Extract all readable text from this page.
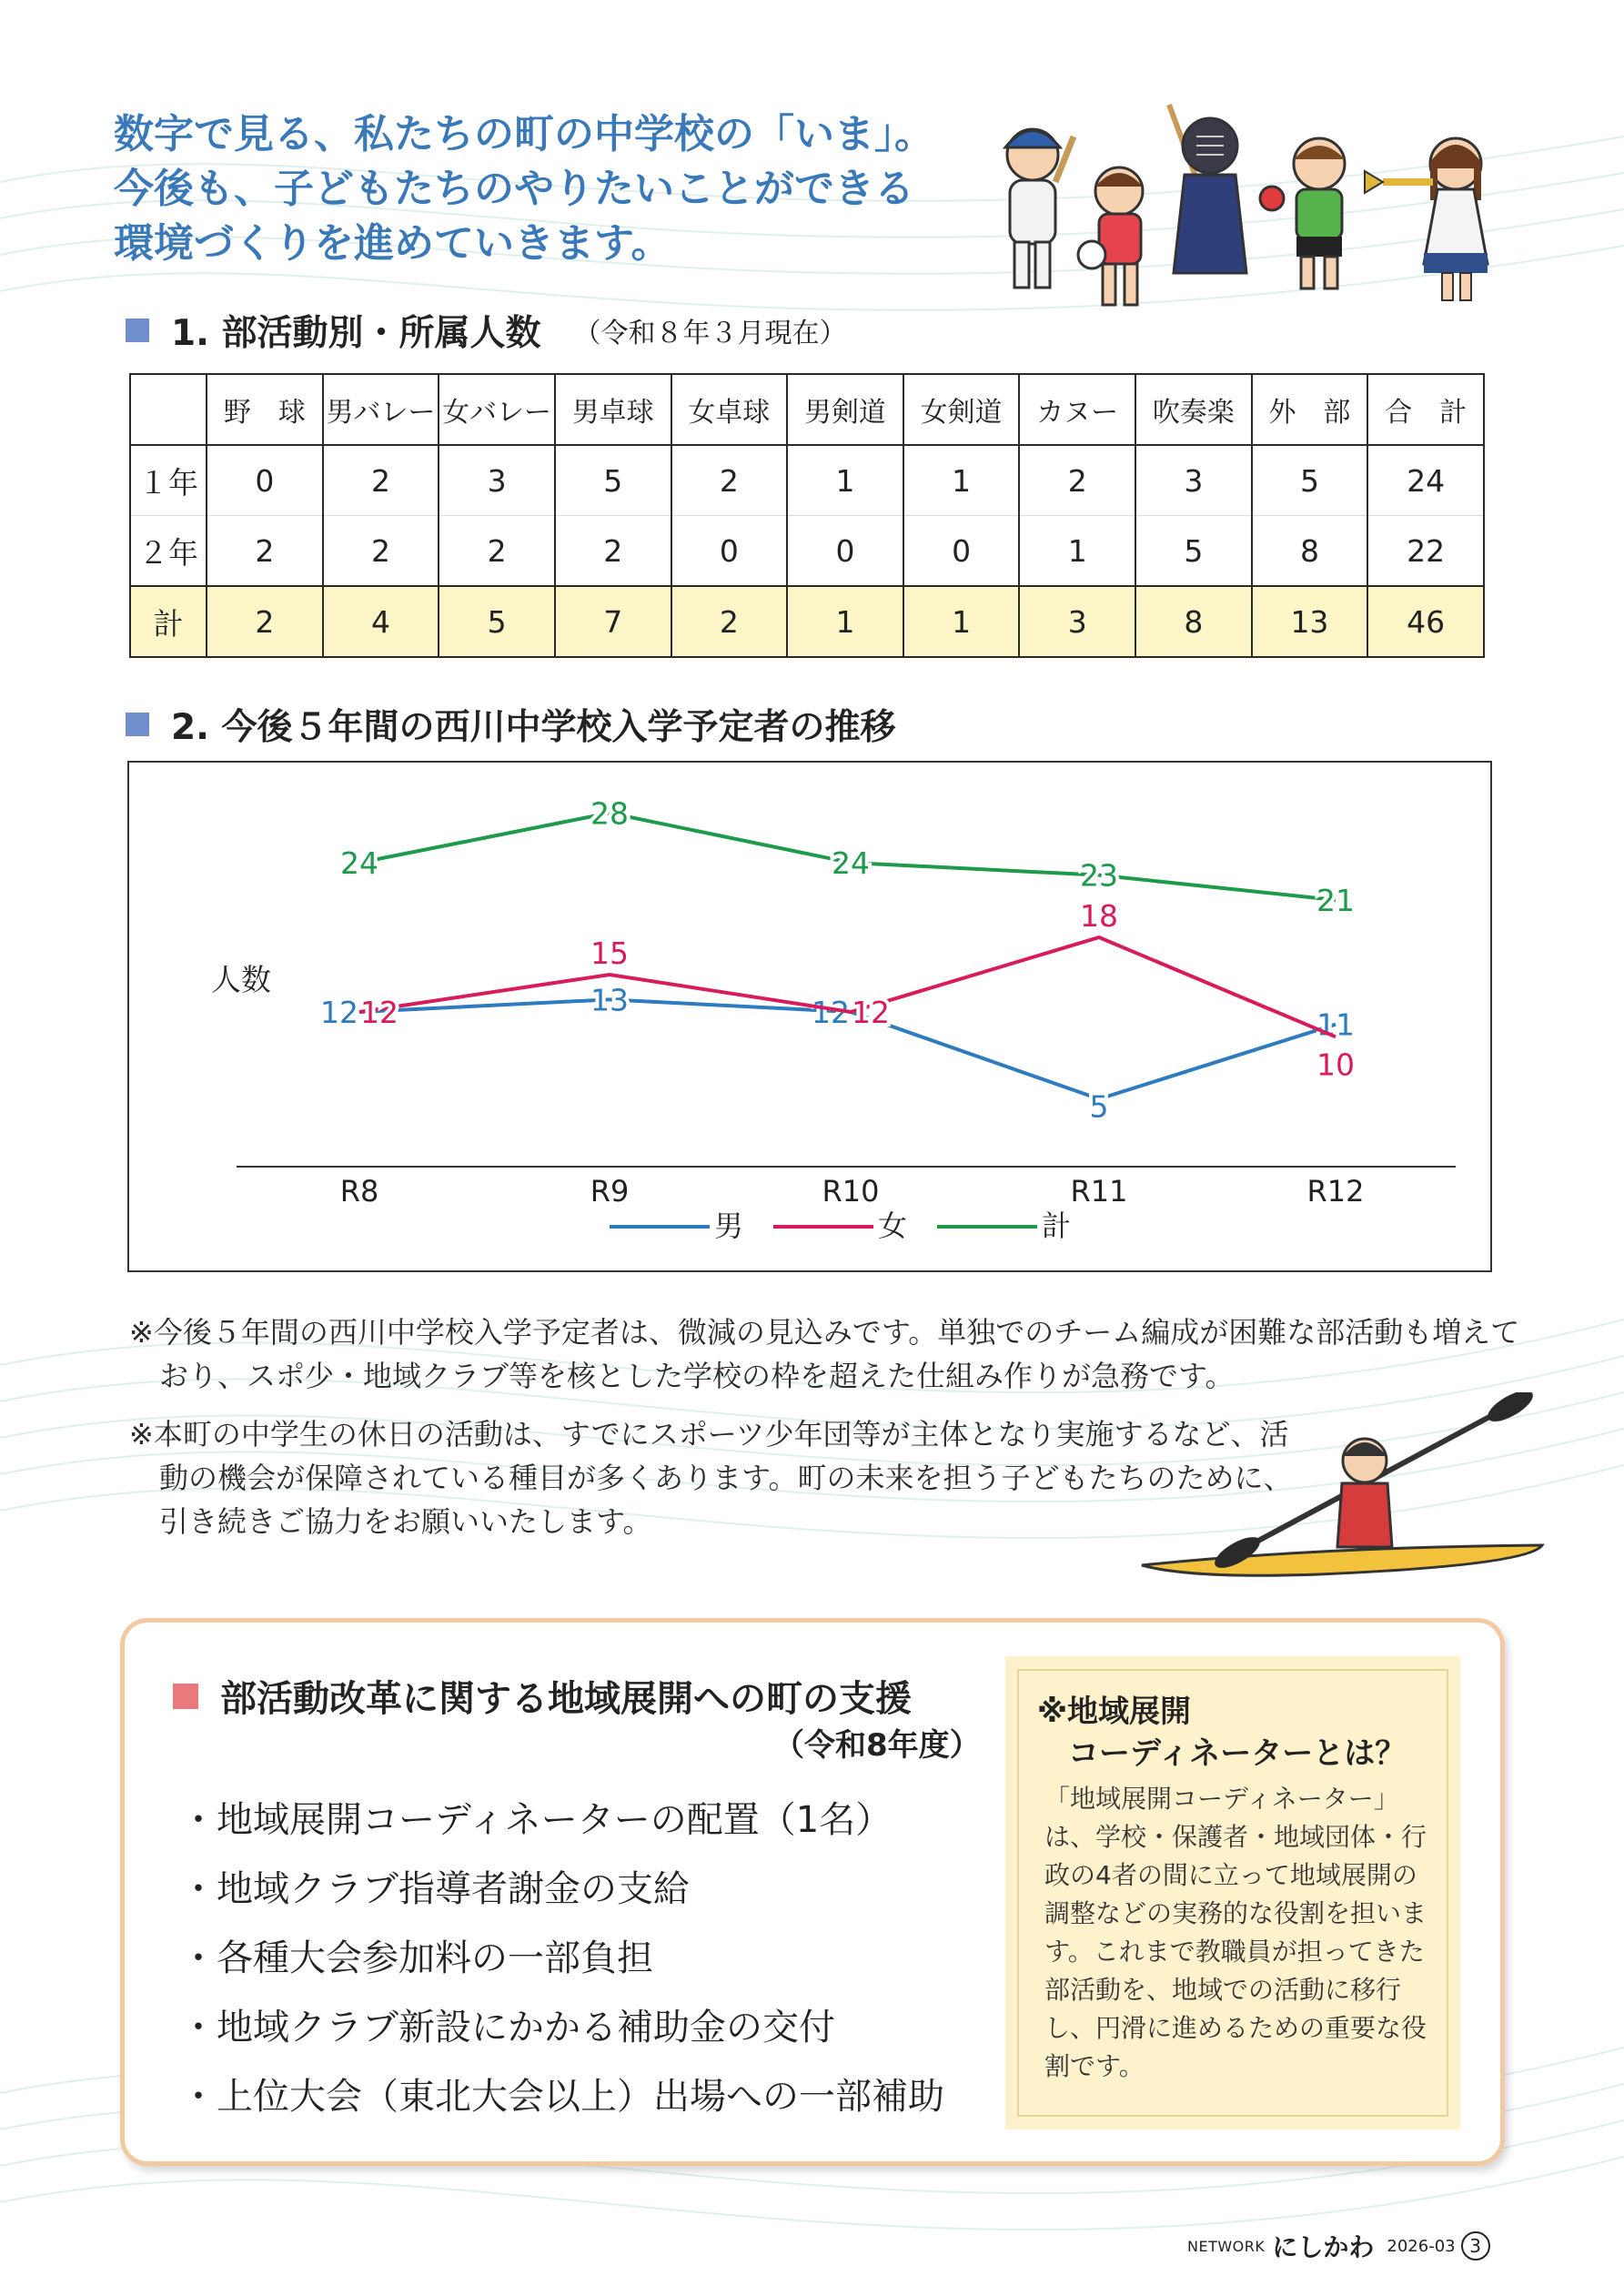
数字で見る、私たちの町の中学校の「いま」。
今後も、子どもたちのやりたいことができる
環境づくりを進めていきます。
1. 部活動別・所属人数 （令和８年３月現在）
	野　球	男バレー	女バレー	男卓球	女卓球	男剣道	女剣道	カヌー	吹奏楽	外　部	合　計
１年	0	2	3	5	2	1	1	2	3	5	24
２年	2	2	2	2	0	0	0	1	5	8	22
計	2	4	5	7	2	1	1	3	8	13	46
2. 今後５年間の西川中学校入学予定者の推移
人数
R8	R9	R10	R11	R12
12	13	12
5
11
12
15
12
18
10
24
28
24	23
21
男	女	計

※今後５年間の西川中学校入学予定者は、微減の見込みです。単独でのチーム編成が困難な部活動も増えており、スポ少・地域クラブ等を核とした学校の枠を超えた仕組み作りが急務です。

※本町の中学生の休日の活動は、すでにスポーツ少年団等が主体となり実施するなど、活動の機会が保障されている種目が多くあります。町の未来を担う子どもたちのために、引き続きご協力をお願いいたします。

部活動改革に関する地域展開への町の支援
（令和8年度）
・ 地域展開コーディネーターの配置（1名）
・ 地域クラブ指導者謝金の支給
・ 各種大会参加料の一部負担
・ 地域クラブ新設にかかる補助金の交付
・ 上位大会（東北大会以上）出場への一部補助
※地域展開
コーディネーターとは？
「地域展開コーディネーター」は、学校・保護者・地域団体・行政の4者の間に立って地域展開の調整などの実務的な役割を担います。これまで教職員が担ってきた部活動を、地域での活動に移行し、円滑に進めるための重要な役割です。
NETWORK にしかわ 2026-03 3
